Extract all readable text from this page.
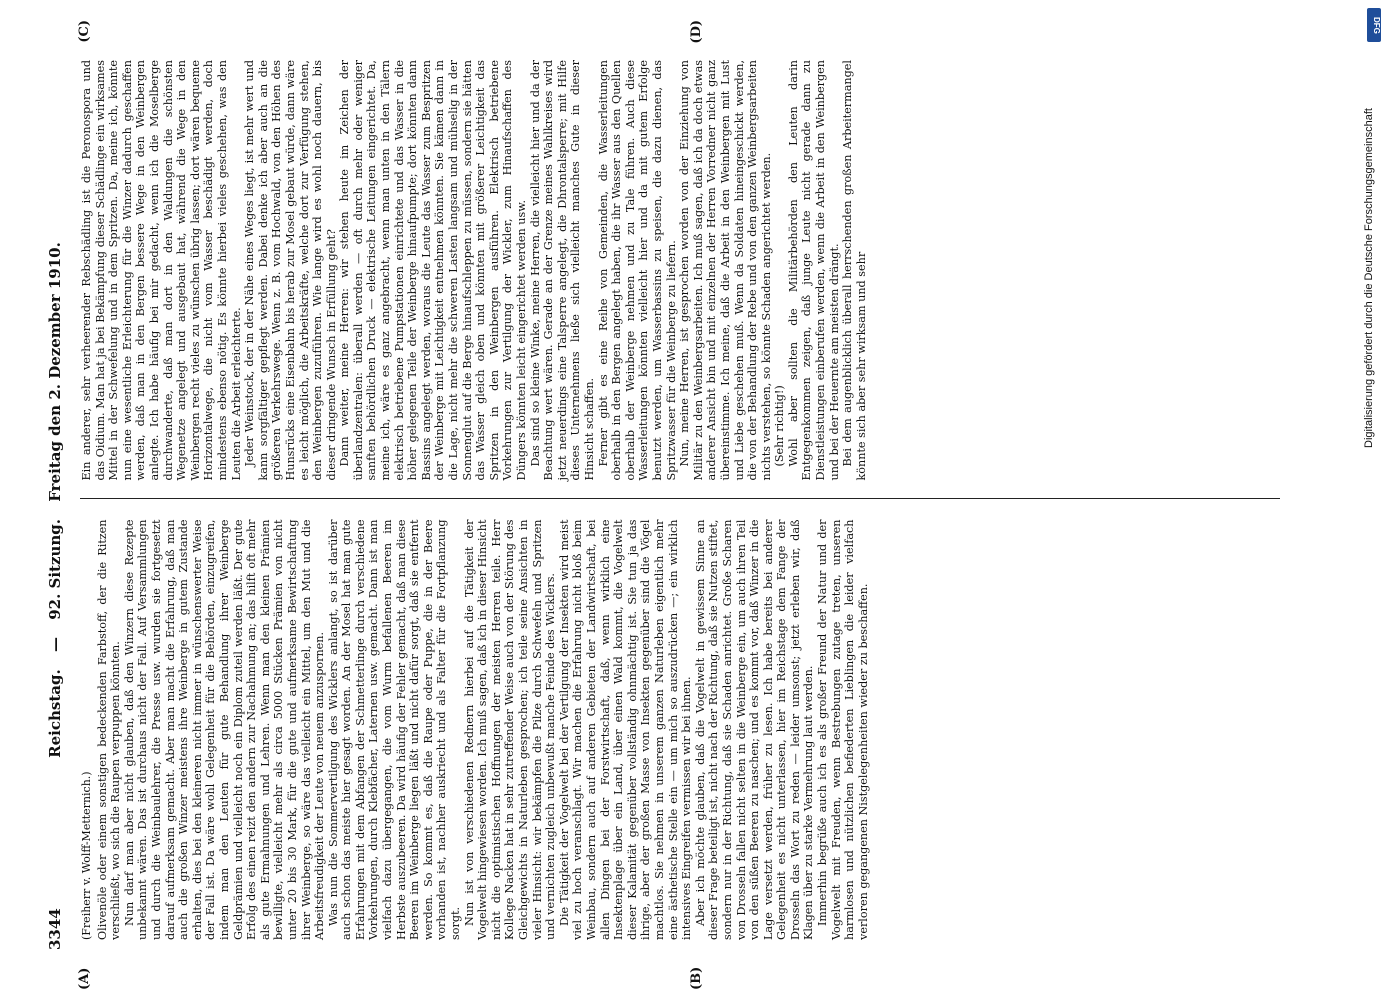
3344
Reichstag. — 92. Sitzung. Freitag den 2. Dezember 1910.
(A)	(B)
(Freiherr v. Wolff-Metternich.) Olivenöle oder einem sonstigen bedeckenden Farbstoff, der die Ritzen verschließt, wo sich die Raupen verpuppen könnten. Nun darf man aber nicht glauben, daß den Winzern diese Rezepte unbekannt wären. Das ist durchaus nicht der Fall. Auf Versammlungen und durch die Weinbaulehrer, die Presse usw. wurden sie fortgesetzt darauf aufmerksam gemacht. Aber man macht die Erfahrung, daß man auch die großen Winzer meistens ihre Weinberge in gutem Zustande erhalten, dies bei den kleineren nicht immer in wünschenswerter Weise der Fall ist. Da wäre wohl Gelegenheit für die Behörden, einzugreifen, indem man den Leuten für gute Behandlung ihrer Weinberge Geldprämien und vielleicht noch ein Diplom zuteil werden läßt. Der gute Erfolg des einen reizt den andern zur Nachahmung an; das hilft oft mehr als gute Ermahnungen und Lehren. Wenn man den kleinen Prämien bewilligte, vielleicht mehr als circa 5000 Stücken Prämien von nicht unter 20 bis 30 Mark, für die gute und aufmerksame Bewirtschaftung ihrer Weinberge, so wäre das vielleicht ein Mittel, um den Mut und die Arbeitsfreudigkeit der Leute von neuem anzuspornen. Was nun die Sommervertilgung des Wicklers anlangt, so ist darüber auch schon das meiste hier gesagt worden. An der Mosel hat man gute Erfahrungen mit dem Abfangen der Schmetterlinge durch verschiedene Vorkehrungen, durch Klebfächer, Laternen usw. gemacht. Dann ist man vielfach dazu übergegangen, die vom Wurm befallenen Beeren im Herbste auszubeeren. Da wird häufig der Fehler gemacht, daß man diese Beeren im Weinberge liegen läßt und nicht dafür sorgt, daß sie entfernt werden. So kommt es, daß die Raupe oder Puppe, die in der Beere vorhanden ist, nachher auskriecht und als Falter für die Fortpflanzung sorgt. Nun ist von verschiedenen Rednern hierbei auf die Tätigkeit der Vogelwelt hingewiesen worden. Ich muß sagen, daß ich in dieser Hinsicht nicht die optimistischen Hoffnungen der meisten Herren teile. Herr Kollege Nacken hat in sehr zutreffender Weise auch von der Störung des Gleichgewichts in Naturleben gesprochen; ich teile seine Ansichten in vieler Hinsicht: wir bekämpfen die Pilze durch Schwefeln und Spritzen und vernichten zugleich unbewußt manche Feinde des Wicklers. Die Tätigkeit der Vogelwelt bei der Vertilgung der Insekten wird meist viel zu hoch veranschlagt. Wir machen die Erfahrung nicht bloß beim Weinbau, sondern auch auf anderen Gebieten der Landwirtschaft, bei allen Dingen bei der Forstwirtschaft, daß, wenn wirklich eine Insektenplage über ein Land, über einen Wald kommt, die Vogelwelt dieser Kalamität gegenüber vollständig ohnmächtig ist. Sie tun ja das ihrige, aber der großen Masse von Insekten gegenüber sind die Vögel machtlos. Sie nehmen in unserem ganzen Naturleben eigentlich mehr eine ästhetische Stelle ein — um mich so auszudrücken —; ein wirklich intensives Eingreifen vermissen wir bei ihnen. Aber ich möchte glauben, daß die Vogelwelt in gewissem Sinne an dieser Frage beteiligt ist, nicht nach der Richtung, daß sie Nutzen stiftet, sondern nur in der Richtung, daß sie Schaden anrichtet. Große Scharen von Drosseln fallen nicht selten in die Weinberge ein, um auch ihren Teil von den süßen Beeren zu naschen; und es kommt vor, daß Winzer in die Lage versetzt werden, früher zu lesen. Ich habe bereits bei anderer Gelegenheit es nicht unterlassen, hier im Reichstage dem Fange der Drosseln das Wort zu reden — leider umsonst; jetzt erleben wir, daß Klagen über zu starke Vermehrung laut werden. Immerhin begrüße auch ich es als großer Freund der Natur und der Vogelwelt mit Freuden, wenn Bestrebungen zutage treten, unseren harmlosen und nützlichen befiederten Lieblingen die leider vielfach verloren gegangenen Nistgelegenheiten wieder zu beschaffen.

(C)	(D)

Ein anderer, sehr verheerender Rebschädling ist die Peronospora und das Oidium. Man hat ja bei Bekämpfung dieser Schädlinge ein wirksames Mittel in der Schwefelung und in dem Spritzen. Da, meine ich, könnte nun eine wesentliche Erleichterung für die Winzer dadurch geschaffen werden, daß man in den Bergen bessere Wege in den Weinbergen anlegte. Ich habe häufig bei mir gedacht, wenn ich die Moselberge durchwanderte, daß man dort in den Waldungen die schönsten Wegenetze angelegt und ausgebaut hat, während die Wege in den Weinbergen recht vieles zu wünschen übrig lassen; dort wären bequeme Horizontalwege, die nicht vom Wasser beschädigt werden, doch mindestens ebenso nötig. Es könnte hierbei vieles geschehen, was den Leuten die Arbeit erleichterte. Jeder Weinstock, der in der Nähe eines Weges liegt, ist mehr wert und kann sorgfältiger gepflegt werden. Dabei denke ich aber auch an die größeren Verkehrswege. Wenn z. B. vom Hochwald, von den Höhen des Hunsrücks eine Eisenbahn bis herab zur Mosel gebaut würde, dann wäre es leicht möglich, die Arbeitskräfte, welche dort zur Verfügung stehen, den Weinbergen zuzuführen. Wie lange wird es wohl noch dauern, bis dieser dringende Wunsch in Erfüllung geht? Dann weiter, meine Herren: wir stehen heute im Zeichen der überlandzentralen: überall werden — oft durch mehr oder weniger sanften behördlichen Druck — elektrische Leitungen eingerichtet. Da, meine ich, wäre es ganz angebracht, wenn man unten in den Tälern elektrisch betriebene Pumpstationen einrichtete und das Wasser in die höher gelegenen Teile der Weinberge hinaufpumpte; dort könnten dann Bassins angelegt werden, woraus die Leute das Wasser zum Bespritzen der Weinberge mit Leichtigkeit entnehmen könnten. Sie kämen dann in die Lage, nicht mehr die schweren Lasten langsam und mühselig in der Sonnenglut auf die Berge hinaufschleppen zu müssen, sondern sie hätten das Wasser gleich oben und könnten mit größerer Leichtigkeit das Spritzen in den Weinbergen ausführen. Elektrisch betriebene Vorkehrungen zur Vertilgung der Wickler, zum Hinaufschaffen des Düngers könnten leicht eingerichtet werden usw. Das sind so kleine Winke, meine Herren, die vielleicht hier und da der Beachtung wert wären. Gerade an der Grenze meines Wahlkreises wird jetzt neuerdings eine Talsperre angelegt, die Dhrontalsperre; mit Hilfe dieses Unternehmens ließe sich vielleicht manches Gute in dieser Hinsicht schaffen. Ferner gibt es eine Reihe von Gemeinden, die Wasserleitungen oberhalb in den Bergen angelegt haben, die ihr Wasser aus den Quellen oberhalb der Weinberge nehmen und zu Tale führen. Auch diese Wasserleitungen könnten vielleicht hier und da mit gutem Erfolge benutzt werden, um Wasserbassins zu speisen, die dazu dienen, das Spritzwasser für die Weinberge zu liefern. Nun, meine Herren, ist gesprochen worden von der Einziehung von Militär zu den Weinbergsarbeiten. Ich muß sagen, daß ich da doch etwas anderer Ansicht bin und mit einzelnen der Herren Vorredner nicht ganz übereinstimme. Ich meine, daß die Arbeit in den Weinbergen mit Lust und Liebe geschehen muß. Wenn da Soldaten hineingeschickt werden, die von der Behandlung der Rebe und von den ganzen Weinbergsarbeiten nichts verstehen, so könnte Schaden angerichtet werden. (Sehr richtig!) Wohl aber sollten die Militärbehörden den Leuten darin Entgegenkommen zeigen, daß junge Leute nicht gerade dann zu Dienstleistungen einberufen werden, wenn die Arbeit in den Weinbergen und bei der Heuernte am meisten drängt. Bei dem augenblicklich überall herrschenden großen Arbeitermangel könnte sich aber sehr wirksam und sehr

DFG
Digitalisierung gefördert durch die Deutsche Forschungsgemeinschaft
